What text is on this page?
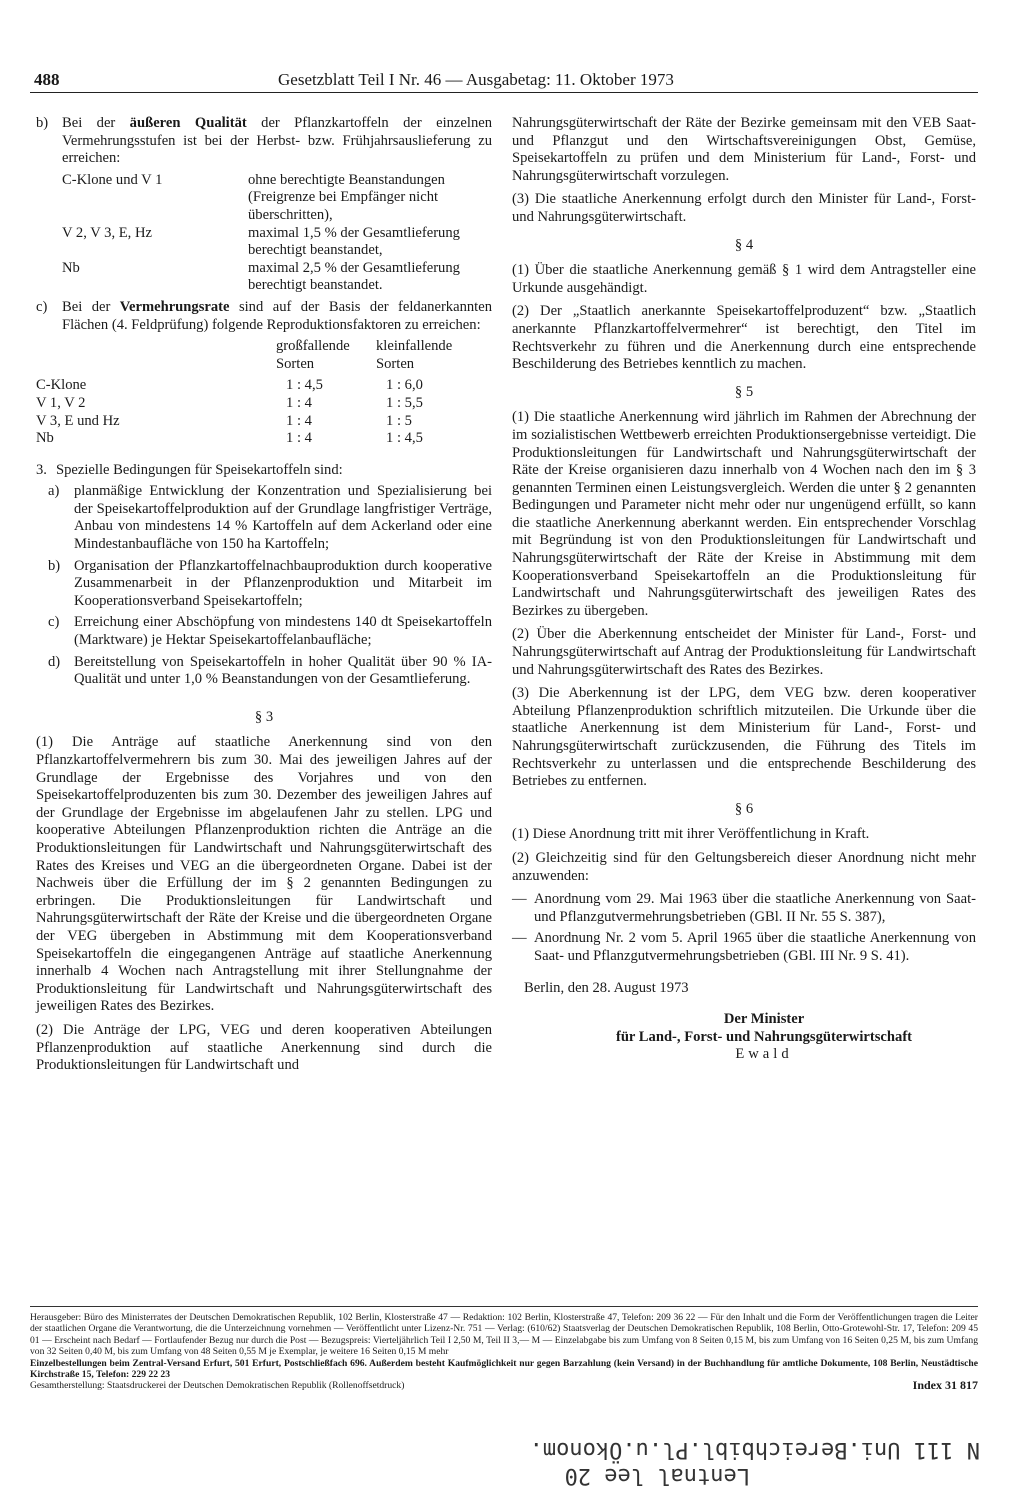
488	Gesetzblatt Teil I Nr. 46 — Ausgabetag: 11. Oktober 1973
b) Bei der äußeren Qualität der Pflanzkartoffeln der einzelnen Vermehrungsstufen ist bei der Herbst- bzw. Frühjahrsauslieferung zu erreichen:
C-Klone und V 1	ohne berechtigte Beanstandungen (Freigrenze bei Empfänger nicht überschritten),
V 2, V 3, E, Hz	maximal 1,5 % der Gesamtlieferung berechtigt beanstandet,
Nb	maximal 2,5 % der Gesamtlieferung berechtigt beanstandet.
c)	Bei der Vermehrungsrate sind auf der Basis der feldanerkannten Flächen (4. Feldprüfung) folgende Reproduktionsfaktoren zu erreichen:
großfallende	kleinfallende
Sorten	Sorten
C-Klone	1 : 4,5	1 : 6,0
V 1, V 2	1 : 4	1 : 5,5
V 3, E und Hz	1 : 4	1 : 5
Nb	1 : 4	1 : 4,5
3. Spezielle Bedingungen für Speisekartoffeln sind:
a)	planmäßige Entwicklung der Konzentration und Spezialisierung bei der Speisekartoffelproduktion auf der Grundlage langfristiger Verträge, Anbau von mindestens 14 % Kartoffeln auf dem Ackerland oder eine Mindestanbaufläche von 150 ha Kartoffeln;
b) Organisation der Pflanzkartoffelnachbauproduktion durch kooperative Zusammenarbeit in der Pflanzenproduktion und Mitarbeit im Kooperationsverband Speisekartoffeln;
c)	Erreichung einer Abschöpfung von mindestens 140 dt Speisekartoffeln (Marktware) je Hektar Speisekartoffelanbaufläche;
d) Bereitstellung von Speisekartoffeln in hoher Qualität über 90 % IA-Qualität und unter 1,0 % Beanstandungen von der Gesamtlieferung.
§ 3

(1) Die Anträge auf staatliche Anerkennung sind von den Pflanzkartoffelvermehrern bis zum 30. Mai des jeweiligen Jahres auf der Grundlage der Ergebnisse des Vorjahres und von den Speisekartoffelproduzenten bis zum 30. Dezember des jeweiligen Jahres auf der Grundlage der Ergebnisse im abgelaufenen Jahr zu stellen. LPG und kooperative Abteilungen Pflanzenproduktion richten die Anträge an die Produktionsleitungen für Landwirtschaft und Nahrungsgüterwirtschaft des Rates des Kreises und VEG an die übergeordneten Organe. Dabei ist der Nachweis über die Erfüllung der im § 2 genannten Bedingungen zu erbringen. Die Produktionsleitungen für Landwirtschaft und Nahrungsgüterwirtschaft der Räte der Kreise und die übergeordneten Organe der VEG übergeben in Abstimmung mit dem Kooperationsverband Speisekartoffeln die eingegangenen Anträge auf staatliche Anerkennung innerhalb 4 Wochen nach Antragstellung mit ihrer Stellungnahme der Produktionsleitung für Landwirtschaft und Nahrungsgüterwirtschaft des jeweiligen Rates des Bezirkes.

(2) Die Anträge der LPG, VEG und deren kooperativen Abteilungen Pflanzenproduktion auf staatliche Anerkennung sind durch die Produktionsleitungen für Landwirtschaft und

Nahrungsgüterwirtschaft der Räte der Bezirke gemeinsam mit den VEB Saat- und Pflanzgut und den Wirtschaftsvereinigungen Obst, Gemüse, Speisekartoffeln zu prüfen und dem Ministerium für Land-, Forst- und Nahrungsgüterwirtschaft vorzulegen.

(3) Die staatliche Anerkennung erfolgt durch den Minister für Land-, Forst- und Nahrungsgüterwirtschaft.

§ 4

(1) Über die staatliche Anerkennung gemäß § 1 wird dem Antragsteller eine Urkunde ausgehändigt.

(2) Der „Staatlich anerkannte Speisekartoffelproduzent“ bzw. „Staatlich anerkannte Pflanzkartoffelvermehrer“ ist berechtigt, den Titel im Rechtsverkehr zu führen und die Anerkennung durch eine entsprechende Beschilderung des Betriebes kenntlich zu machen.

§ 5

(1) Die staatliche Anerkennung wird jährlich im Rahmen der Abrechnung der im sozialistischen Wettbewerb erreichten Produktionsergebnisse verteidigt. Die Produktionsleitungen für Landwirtschaft und Nahrungsgüterwirtschaft der Räte der Kreise organisieren dazu innerhalb von 4 Wochen nach den im § 3 genannten Terminen einen Leistungsvergleich. Werden die unter § 2 genannten Bedingungen und Parameter nicht mehr oder nur ungenügend erfüllt, so kann die staatliche Anerkennung aberkannt werden. Ein entsprechender Vorschlag mit Begründung ist von den Produktionsleitungen für Landwirtschaft und Nahrungsgüterwirtschaft der Räte der Kreise in Abstimmung mit dem Kooperationsverband Speisekartoffeln an die Produktionsleitung für Landwirtschaft und Nahrungsgüterwirtschaft des jeweiligen Rates des Bezirkes zu übergeben.

(2) Über die Aberkennung entscheidet der Minister für Land-, Forst- und Nahrungsgüterwirtschaft auf Antrag der Produktionsleitung für Landwirtschaft und Nahrungsgüterwirtschaft des Rates des Bezirkes.

(3) Die Aberkennung ist der LPG, dem VEG bzw. deren kooperativer Abteilung Pflanzenproduktion schriftlich mitzuteilen. Die Urkunde über die staatliche Anerkennung ist dem Ministerium für Land-, Forst- und Nahrungsgüterwirtschaft zurückzusenden, die Führung des Titels im Rechtsverkehr zu unterlassen und die entsprechende Beschilderung des Betriebes zu entfernen.

§ 6

(1) Diese Anordnung tritt mit ihrer Veröffentlichung in Kraft.

(2) Gleichzeitig sind für den Geltungsbereich dieser Anordnung nicht mehr anzuwenden:

— Anordnung vom 29. Mai 1963 über die staatliche Anerkennung von Saat- und Pflanzgutvermehrungsbetrieben (GBl. II Nr. 55 S. 387),
— Anordnung Nr. 2 vom 5. April 1965 über die staatliche Anerkennung von Saat- und Pflanzgutvermehrungsbetrieben (GBl. III Nr. 9 S. 41).

Berlin, den 28. August 1973

Der Minister
für Land-, Forst- und Nahrungsgüterwirtschaft
Ewald
Herausgeber: Büro des Ministerrates der Deutschen Demokratischen Republik, 102 Berlin, Klosterstraße 47 — Redaktion: 102 Berlin, Klosterstraße 47, Telefon: 209 36 22 — Für den Inhalt und die Form der Veröffentlichungen tragen die Leiter der staatlichen Organe die Verantwortung, die die Unterzeichnung vornehmen — Veröffentlicht unter Lizenz-Nr. 751 — Verlag: (610/62) Staatsverlag der Deutschen Demokratischen Republik, 108 Berlin, Otto-Grotewohl-Str. 17, Telefon: 209 45 01 — Erscheint nach Bedarf — Fortlaufender Bezug nur durch die Post — Bezugspreis: Vierteljährlich Teil I 2,50 M, Teil II 3,— M — Einzelabgabe bis zum Umfang von 8 Seiten 0,15 M, bis zum Umfang von 16 Seiten 0,25 M, bis zum Umfang von 32 Seiten 0,40 M, bis zum Umfang von 48 Seiten 0,55 M je Exemplar, je weitere 16 Seiten 0,15 M mehr
Einzelbestellungen beim Zentral-Versand Erfurt, 501 Erfurt, Postschließfach 696. Außerdem besteht Kaufmöglichkeit nur gegen Barzahlung (kein Versand) in der Buchhandlung für amtliche Dokumente, 108 Berlin, Neustädtische Kirchstraße 15, Telefon: 229 22 23
Gesamtherstellung: Staatsdruckerei der Deutschen Demokratischen Republik (Rollenoffsetdruck)	Index 31 817
Lentnal lee 20
N 111 Uni.Bereichbibl.Pl.u.Ökonom.
